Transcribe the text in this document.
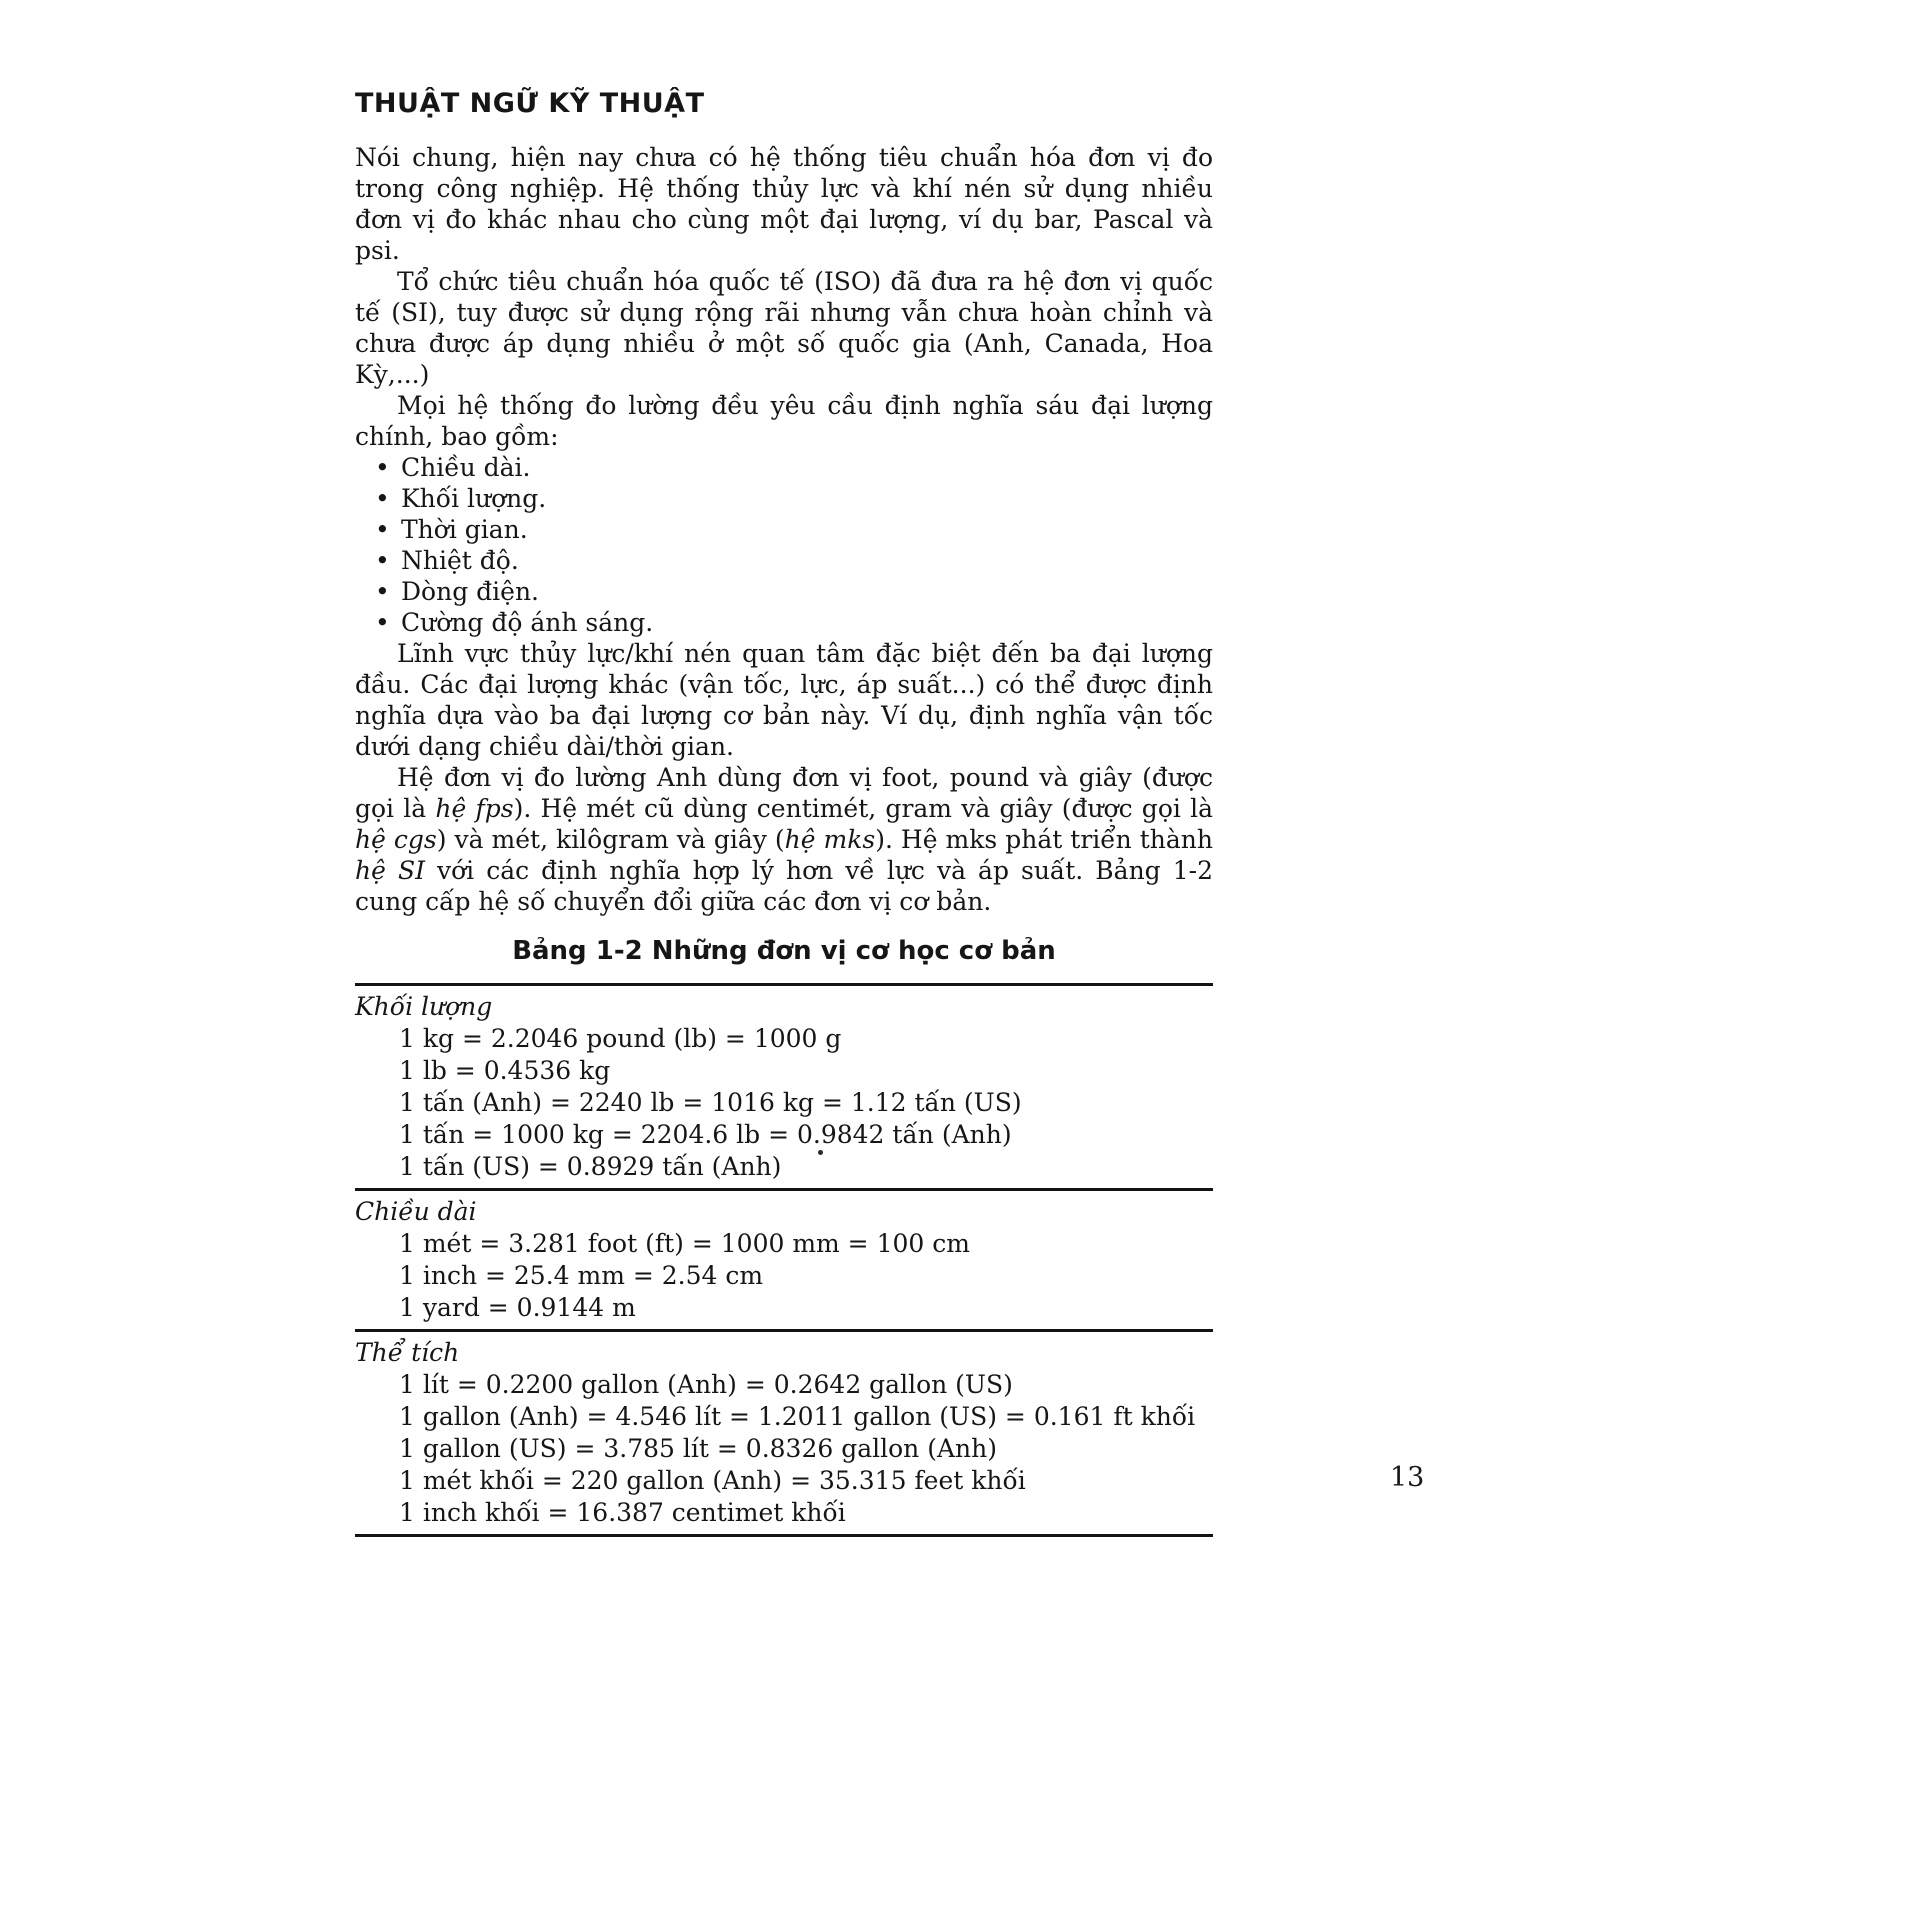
THUẬT NGỮ KỸ THUẬT

Nói chung, hiện nay chưa có hệ thống tiêu chuẩn hóa đơn vị đo trong công nghiệp. Hệ thống thủy lực và khí nén sử dụng nhiều đơn vị đo khác nhau cho cùng một đại lượng, ví dụ bar, Pascal và psi.

Tổ chức tiêu chuẩn hóa quốc tế (ISO) đã đưa ra hệ đơn vị quốc tế (SI), tuy được sử dụng rộng rãi nhưng vẫn chưa hoàn chỉnh và chưa được áp dụng nhiều ở một số quốc gia (Anh, Canada, Hoa Kỳ,...)

Mọi hệ thống đo lường đều yêu cầu định nghĩa sáu đại lượng chính, bao gồm:

•Chiều dài.
•Khối lượng.
•Thời gian.
•Nhiệt độ.
•Dòng điện.
•Cường độ ánh sáng.

Lĩnh vực thủy lực/khí nén quan tâm đặc biệt đến ba đại lượng đầu. Các đại lượng khác (vận tốc, lực, áp suất...) có thể được định nghĩa dựa vào ba đại lượng cơ bản này. Ví dụ, định nghĩa vận tốc dưới dạng chiều dài/thời gian.

Hệ đơn vị đo lường Anh dùng đơn vị foot, pound và giây (được gọi là hệ fps). Hệ mét cũ dùng centimét, gram và giây (được gọi là hệ cgs) và mét, kilôgram và giây (hệ mks). Hệ mks phát triển thành hệ SI với các định nghĩa hợp lý hơn về lực và áp suất. Bảng 1-2 cung cấp hệ số chuyển đổi giữa các đơn vị cơ bản.

Bảng 1-2 Những đơn vị cơ học cơ bản
Khối lượng
1 kg = 2.2046 pound (lb) = 1000 g
1 lb = 0.4536 kg
1 tấn (Anh) = 2240 lb = 1016 kg = 1.12 tấn (US)
1 tấn = 1000 kg = 2204.6 lb = 0.9842 tấn (Anh)
1 tấn (US) = 0.8929 tấn (Anh)
Chiều dài
1 mét = 3.281 foot (ft) = 1000 mm = 100 cm
1 inch = 25.4 mm = 2.54 cm
1 yard = 0.9144 m
Thể tích
1 lít = 0.2200 gallon (Anh) = 0.2642 gallon (US)
1 gallon (Anh) = 4.546 lít = 1.2011 gallon (US) = 0.161 ft khối
1 gallon (US) = 3.785 lít = 0.8326 gallon (Anh)
1 mét khối = 220 gallon (Anh) = 35.315 feet khối
1 inch khối = 16.387 centimet khối
13
